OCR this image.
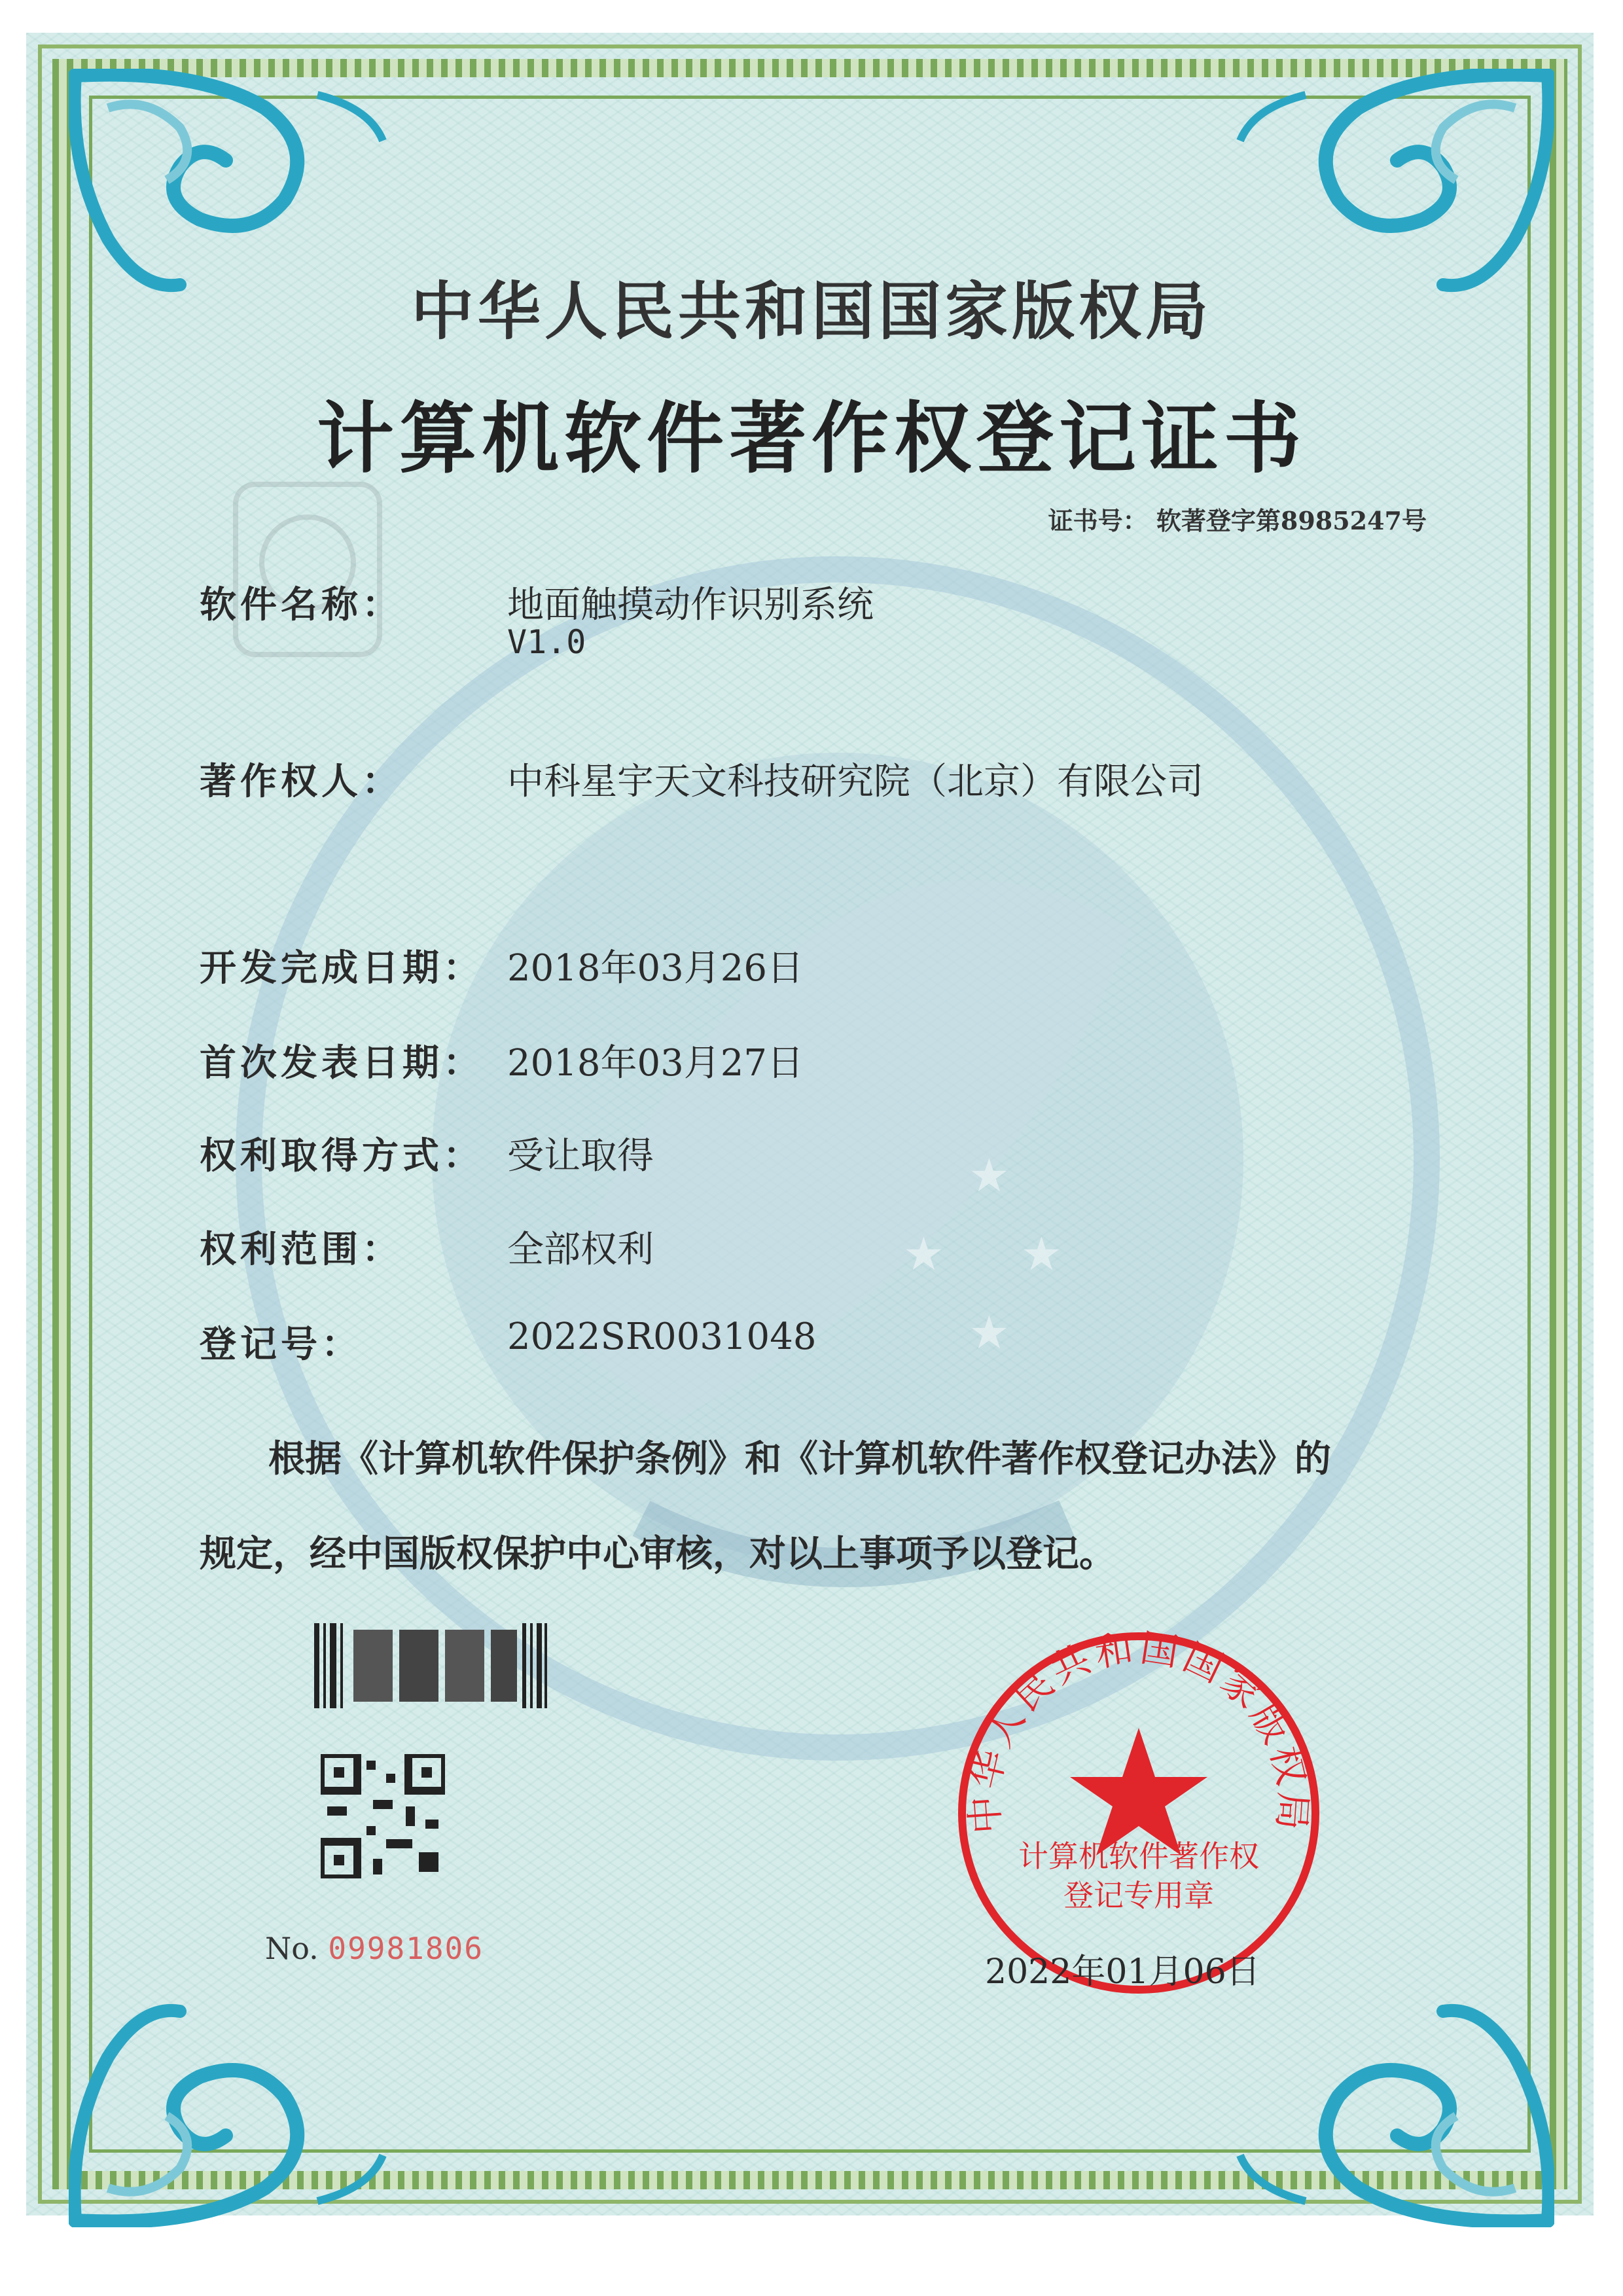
★
★ ★
★
中华人民共和国国家版权局
计算机软件著作权登记证书
证书号： 软著登字第8985247号
软件名称：	地面触摸动作识别系统
V1.0
著作权人：	中科星宇天文科技研究院（北京）有限公司
开发完成日期： 2018年03月26日
首次发表日期： 2018年03月27日
权利取得方式： 受让取得
权利范围：	全部权利
登记号：	2022SR0031048
根据《计算机软件保护条例》和《计算机软件著作权登记办法》的
规定，经中国版权保护中心审核，对以上事项予以登记。
No. 09981806
中华人民共和国国家版权局
计算机软件著作权
登记专用章
2022年01月06日
